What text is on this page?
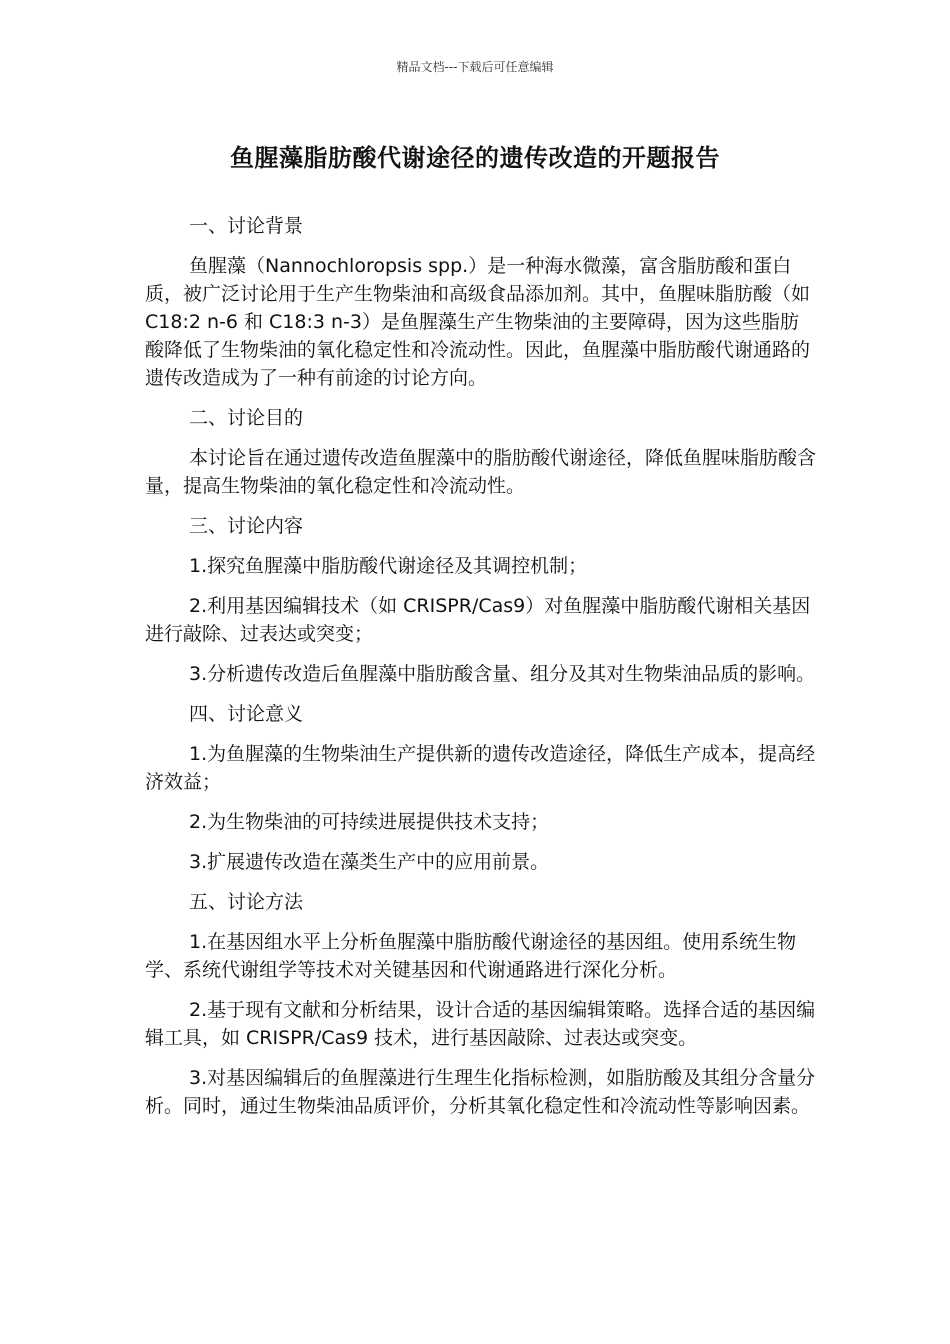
精品文档---下载后可任意编辑
鱼腥藻脂肪酸代谢途径的遗传改造的开题报告
一、讨论背景

鱼腥藻（Nannochloropsis spp.）是一种海水微藻，富含脂肪酸和蛋白质，被广泛讨论用于生产生物柴油和高级食品添加剂。其中，鱼腥味脂肪酸（如 C18:2 n-6 和 C18:3 n-3）是鱼腥藻生产生物柴油的主要障碍，因为这些脂肪酸降低了生物柴油的氧化稳定性和冷流动性。因此，鱼腥藻中脂肪酸代谢通路的遗传改造成为了一种有前途的讨论方向。

二、讨论目的

本讨论旨在通过遗传改造鱼腥藻中的脂肪酸代谢途径，降低鱼腥味脂肪酸含量，提高生物柴油的氧化稳定性和冷流动性。

三、讨论内容

1.探究鱼腥藻中脂肪酸代谢途径及其调控机制；

2.利用基因编辑技术（如 CRISPR/Cas9）对鱼腥藻中脂肪酸代谢相关基因进行敲除、过表达或突变；

3.分析遗传改造后鱼腥藻中脂肪酸含量、组分及其对生物柴油品质的影响。

四、讨论意义

1.为鱼腥藻的生物柴油生产提供新的遗传改造途径，降低生产成本，提高经济效益；

2.为生物柴油的可持续进展提供技术支持；

3.扩展遗传改造在藻类生产中的应用前景。

五、讨论方法

1.在基因组水平上分析鱼腥藻中脂肪酸代谢途径的基因组。使用系统生物学、系统代谢组学等技术对关键基因和代谢通路进行深化分析。

2.基于现有文献和分析结果，设计合适的基因编辑策略。选择合适的基因编辑工具，如 CRISPR/Cas9 技术，进行基因敲除、过表达或突变。

3.对基因编辑后的鱼腥藻进行生理生化指标检测，如脂肪酸及其组分含量分析。同时，通过生物柴油品质评价，分析其氧化稳定性和冷流动性等影响因素。
